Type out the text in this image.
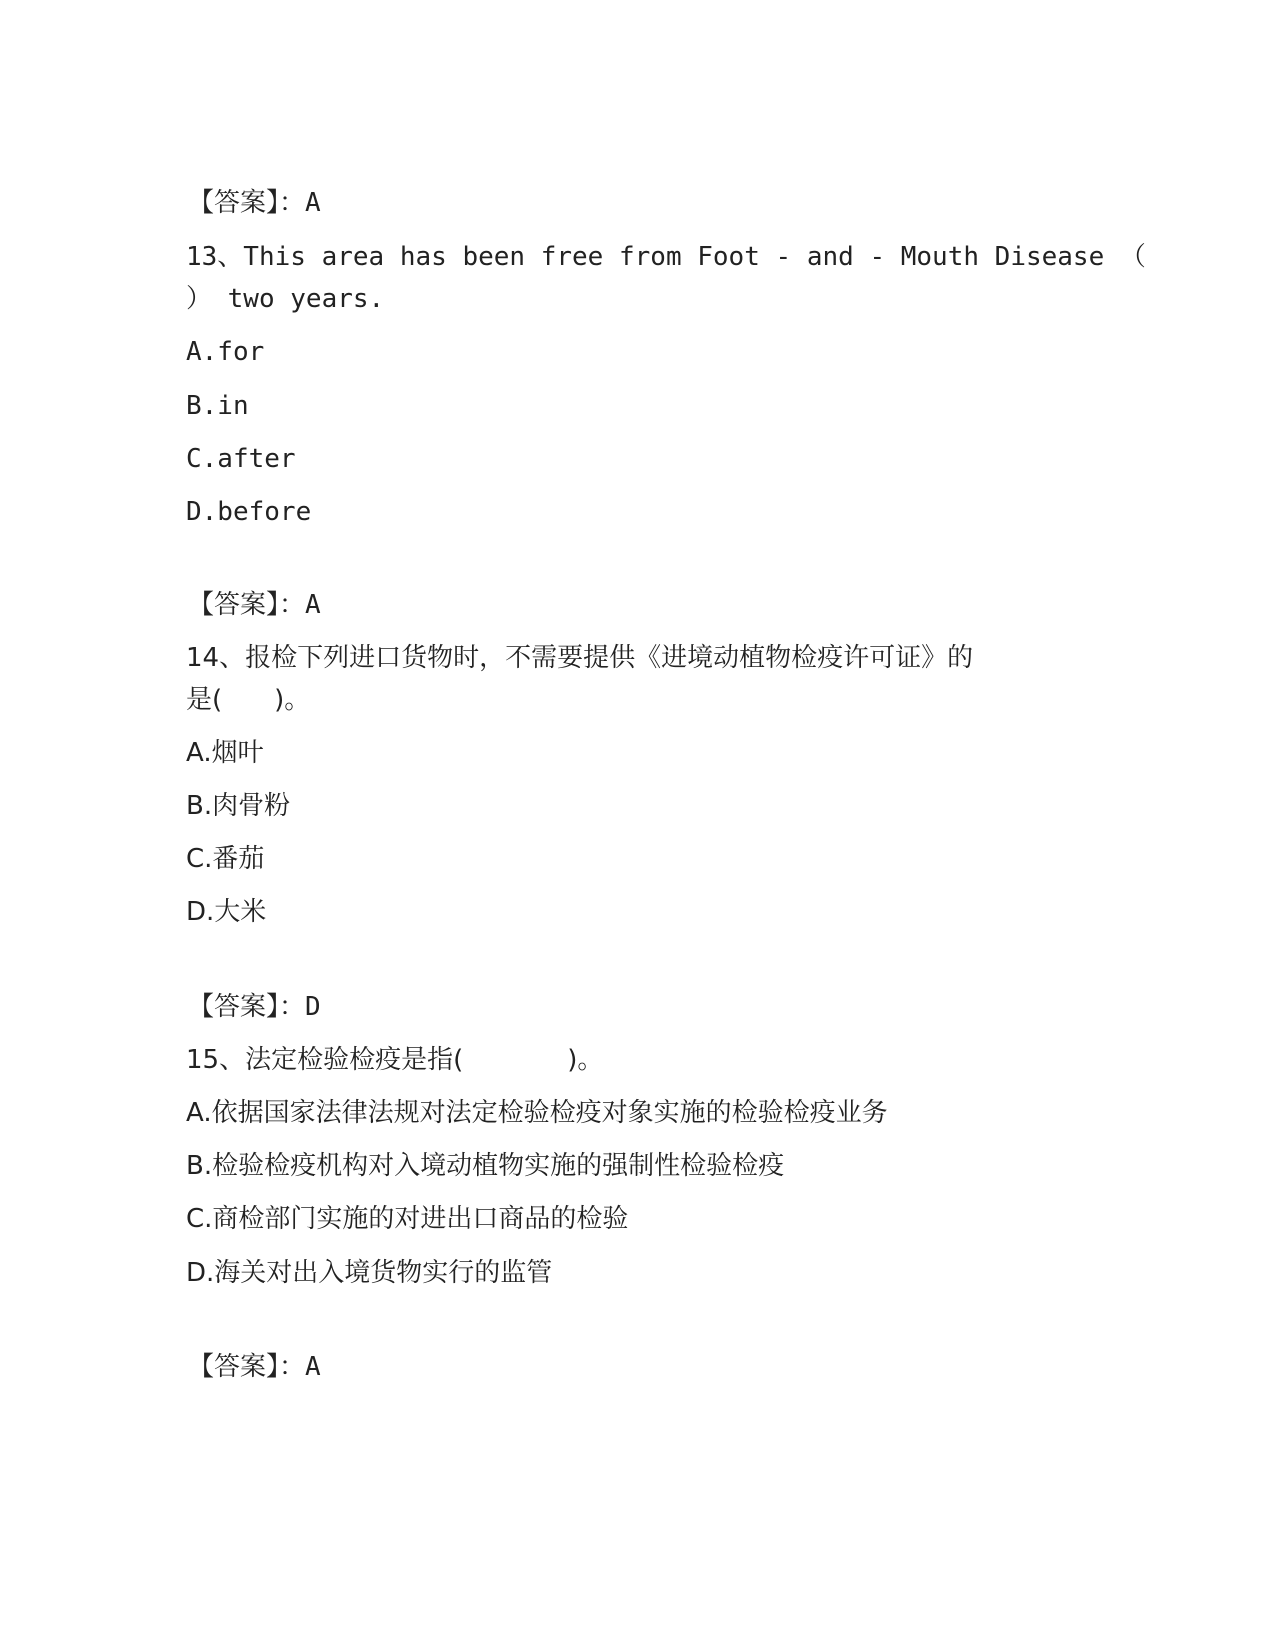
【答案】：A
13、This area has been free from Foot - and - Mouth Disease （
） two years.
A.for
B.in
C.after
D.before
【答案】：A
14、报检下列进口货物时，不需要提供《进境动植物检疫许可证》的
是(　　)。
A.烟叶
B.肉骨粉
C.番茄
D.大米
【答案】：D
15、法定检验检疫是指(　　　　)。
A.依据国家法律法规对法定检验检疫对象实施的检验检疫业务
B.检验检疫机构对入境动植物实施的强制性检验检疫
C.商检部门实施的对进出口商品的检验
D.海关对出入境货物实行的监管
【答案】：A
